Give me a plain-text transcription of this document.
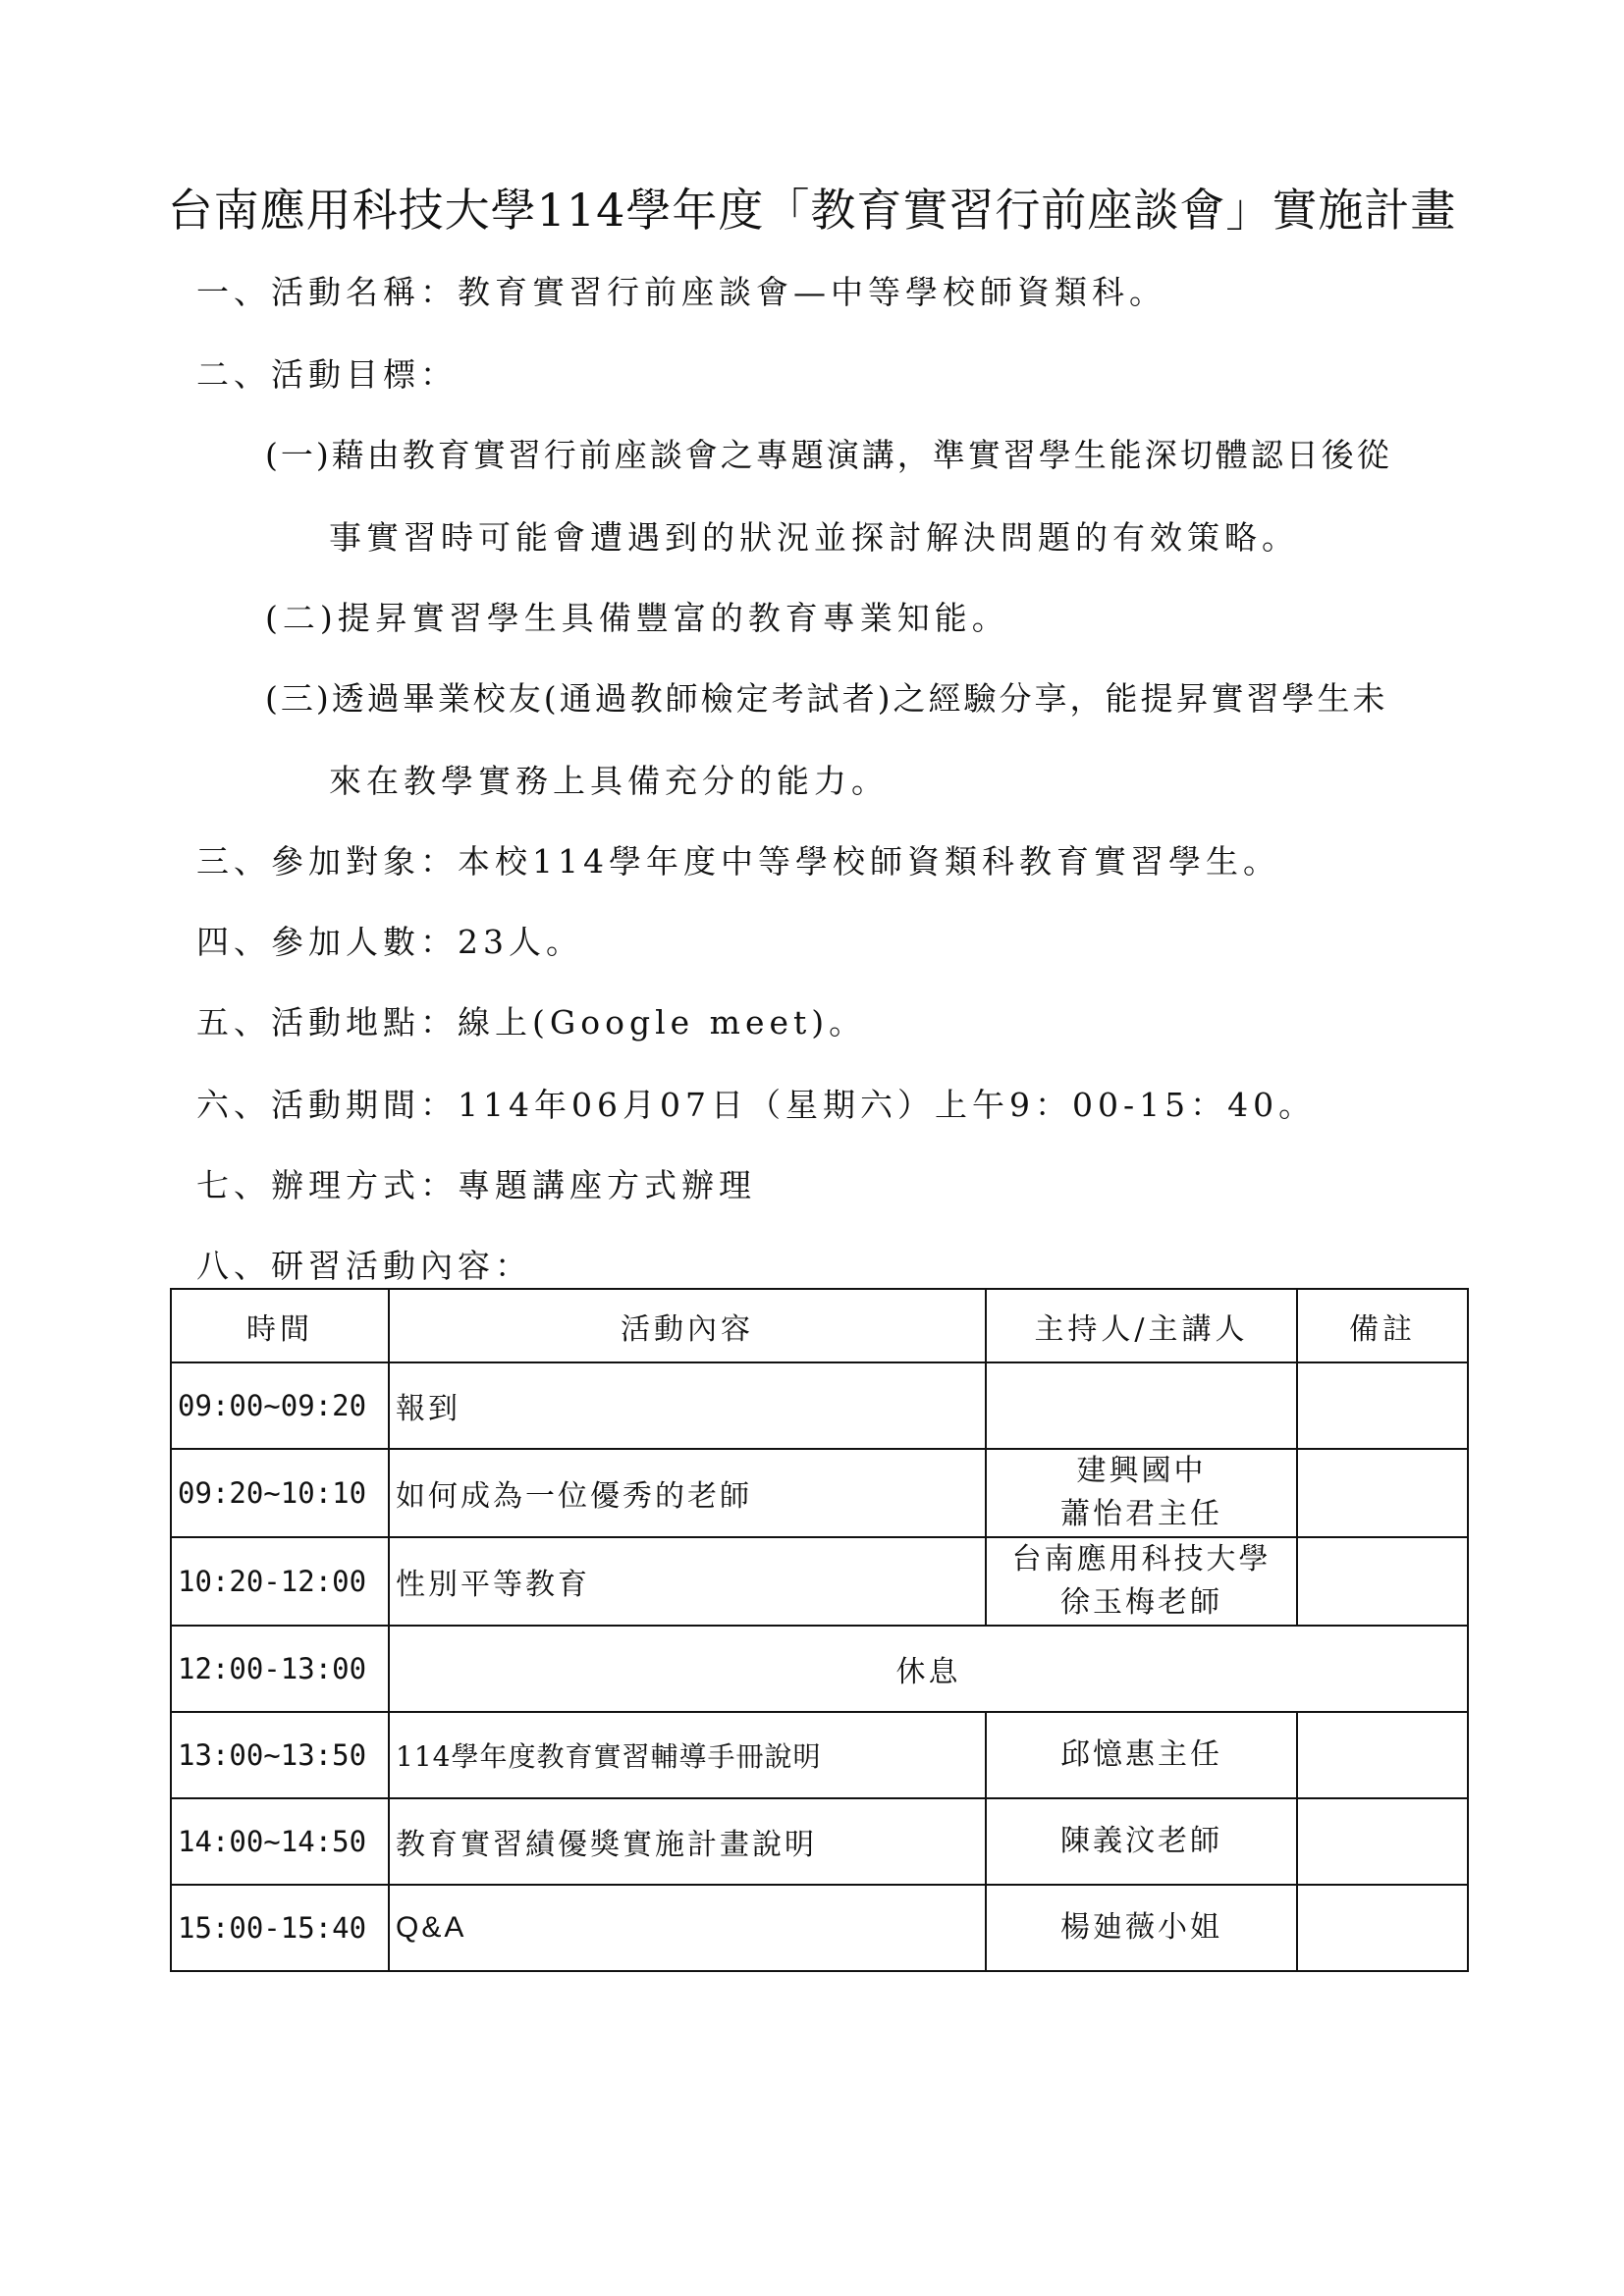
台南應用科技大學114學年度「教育實習行前座談會」實施計畫
一、活動名稱：教育實習行前座談會—中等學校師資類科。
二、活動目標：
(一)藉由教育實習行前座談會之專題演講，準實習學生能深切體認日後從
事實習時可能會遭遇到的狀況並探討解決問題的有效策略。
(二)提昇實習學生具備豐富的教育專業知能。
(三)透過畢業校友(通過教師檢定考試者)之經驗分享，能提昇實習學生未
來在教學實務上具備充分的能力。
三、參加對象：本校114學年度中等學校師資類科教育實習學生。
四、參加人數：23人。
五、活動地點：線上(Google meet)。
六、活動期間：114年06月07日（星期六）上午9：00-15：40。
七、辦理方式：專題講座方式辦理
八、研習活動內容：
時間	活動內容	主持人/主講人	備註
09:00~09:20	報到		
09:20~10:10	如何成為一位優秀的老師	建興國中
蕭怡君主任	

10:20-12:00	性別平等教育	台南應用科技大學
徐玉梅老師	

12:00-13:00	休息		
13:00~13:50	114學年度教育實習輔導手冊說明	邱憶惠主任	
14:00~14:50	教育實習績優獎實施計畫說明	陳義汶老師	
15:00-15:40	Q&A	楊廸薇小姐	
